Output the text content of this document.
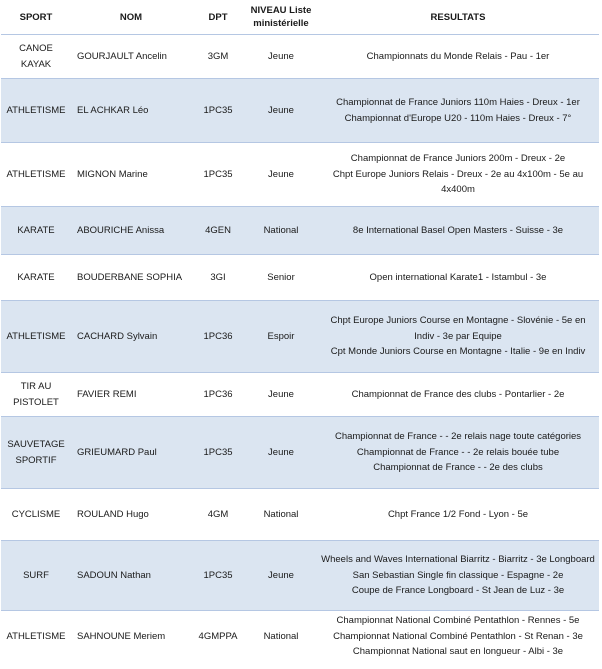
SPORT	NOM	DPT	NIVEAU Liste ministérielle	RESULTATS
CANOE KAYAK	GOURJAULT Ancelin	3GM	Jeune	Championnats du Monde Relais - Pau - 1er

ATHLETISME	EL ACHKAR Léo	1PC35	Jeune	Championnat de France Juniors 110m Haies - Dreux - 1er
Championnat d'Europe U20 - 110m Haies - Dreux - 7°

ATHLETISME	MIGNON Marine	1PC35	Jeune	Championnat de France Juniors 200m - Dreux - 2e
Chpt Europe Juniors Relais - Dreux - 2e au 4x100m - 5e au 4x400m

KARATE	ABOURICHE Anissa	4GEN	National	8e International Basel Open Masters - Suisse - 3e

KARATE	BOUDERBANE SOPHIA	3GI	Senior	Open international Karate1 - Istambul - 3e

ATHLETISME	CACHARD Sylvain	1PC36	Espoir	Chpt Europe Juniors Course en Montagne - Slovénie - 5e en Indiv - 3e par Equipe
Cpt Monde Juniors Course en Montagne - Italie - 9e en Indiv

TIR AU PISTOLET	FAVIER REMI	1PC36	Jeune	Championnat de France des clubs - Pontarlier - 2e

SAUVETAGE SPORTIF	GRIEUMARD Paul	1PC35	Jeune	Championnat de France - - 2e relais nage toute catégories
Championnat de France - - 2e relais bouée tube
Championnat de France - - 2e des clubs

CYCLISME	ROULAND Hugo	4GM	National	Chpt France 1/2 Fond - Lyon - 5e

SURF	SADOUN Nathan	1PC35	Jeune	Wheels and Waves International Biarritz - Biarritz - 3e Longboard
San Sebastian Single fin classique - Espagne - 2e
Coupe de France Longboard - St Jean de Luz - 3e

ATHLETISME	SAHNOUNE Meriem	4GMPPA	National	Championnat National Combiné Pentathlon - Rennes - 5e
Championnat National Combiné Pentathlon - St Renan - 3e
Championnat National saut en longueur - Albi - 3e
